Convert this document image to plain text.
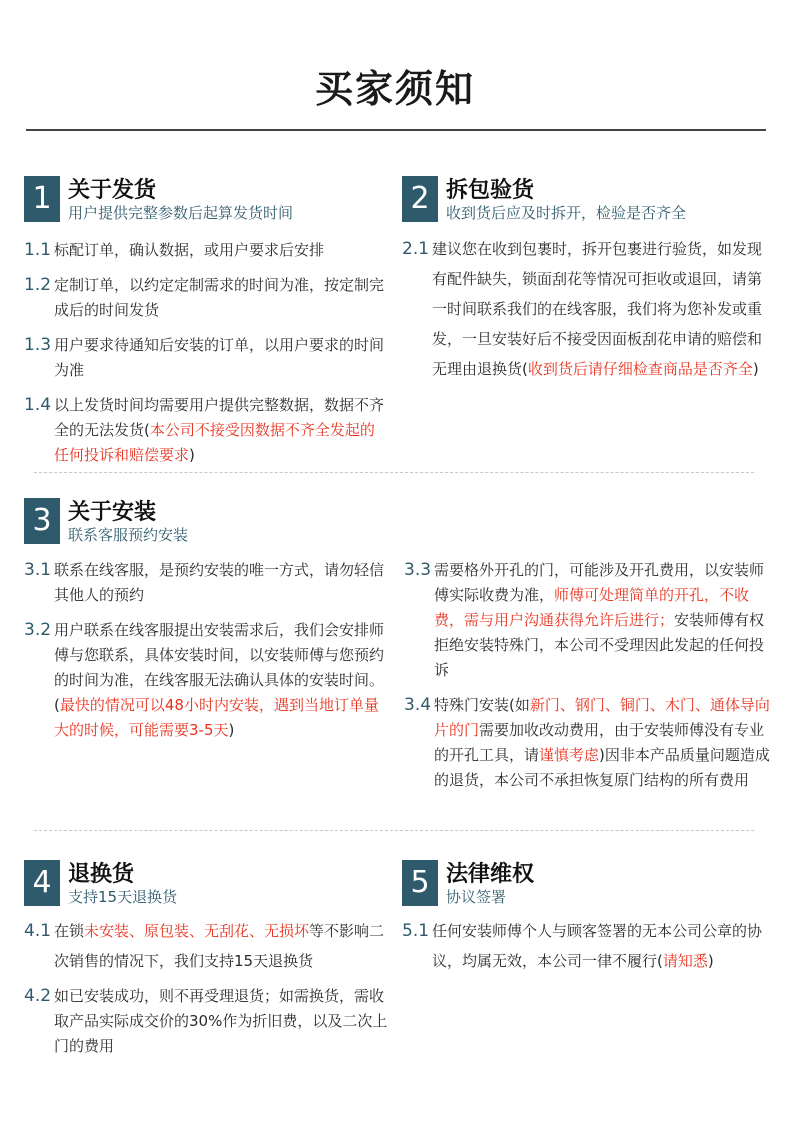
买家须知
1 关于发货
用户提供完整参数后起算发货时间
1.1 标配订单，确认数据，或用户要求后安排
1.2 定制订单，以约定定制需求的时间为准，按定制完成后的时间发货
1.3 用户要求待通知后安装的订单，以用户要求的时间为准
1.4 以上发货时间均需要用户提供完整数据，数据不齐全的无法发货(本公司不接受因数据不齐全发起的任何投诉和赔偿要求)
2 拆包验货
收到货后应及时拆开，检验是否齐全
2.1 建议您在收到包裹时，拆开包裹进行验货，如发现有配件缺失，锁面刮花等情况可拒收或退回，请第一时间联系我们的在线客服，我们将为您补发或重发，一旦安装好后不接受因面板刮花申请的赔偿和无理由退换货(收到货后请仔细检查商品是否齐全)
3 关于安装
联系客服预约安装
3.1 联系在线客服，是预约安装的唯一方式，请勿轻信其他人的预约
3.2 用户联系在线客服提出安装需求后，我们会安排师傅与您联系，具体安装时间，以安装师傅与您预约的时间为准，在线客服无法确认具体的安装时间。(最快的情况可以48小时内安装，遇到当地订单量大的时候，可能需要3-5天)
3.3 需要格外开孔的门，可能涉及开孔费用，以安装师傅实际收费为准，师傅可处理简单的开孔，不收费，需与用户沟通获得允许后进行；安装师傅有权拒绝安装特殊门，本公司不受理因此发起的任何投诉
3.4 特殊门安装(如新门、钢门、铜门、木门、通体导向片的门需要加收改动费用，由于安装师傅没有专业的开孔工具，请谨慎考虑)因非本产品质量问题造成的退货，本公司不承担恢复原门结构的所有费用
4 退换货
支持15天退换货
4.1 在锁未安装、原包装、无刮花、无损坏等不影响二次销售的情况下，我们支持15天退换货
4.2 如已安装成功，则不再受理退货；如需换货，需收取产品实际成交价的30%作为折旧费，以及二次上门的费用
5 法律维权
协议签署
5.1 任何安装师傅个人与顾客签署的无本公司公章的协议，均属无效，本公司一律不履行(请知悉)
